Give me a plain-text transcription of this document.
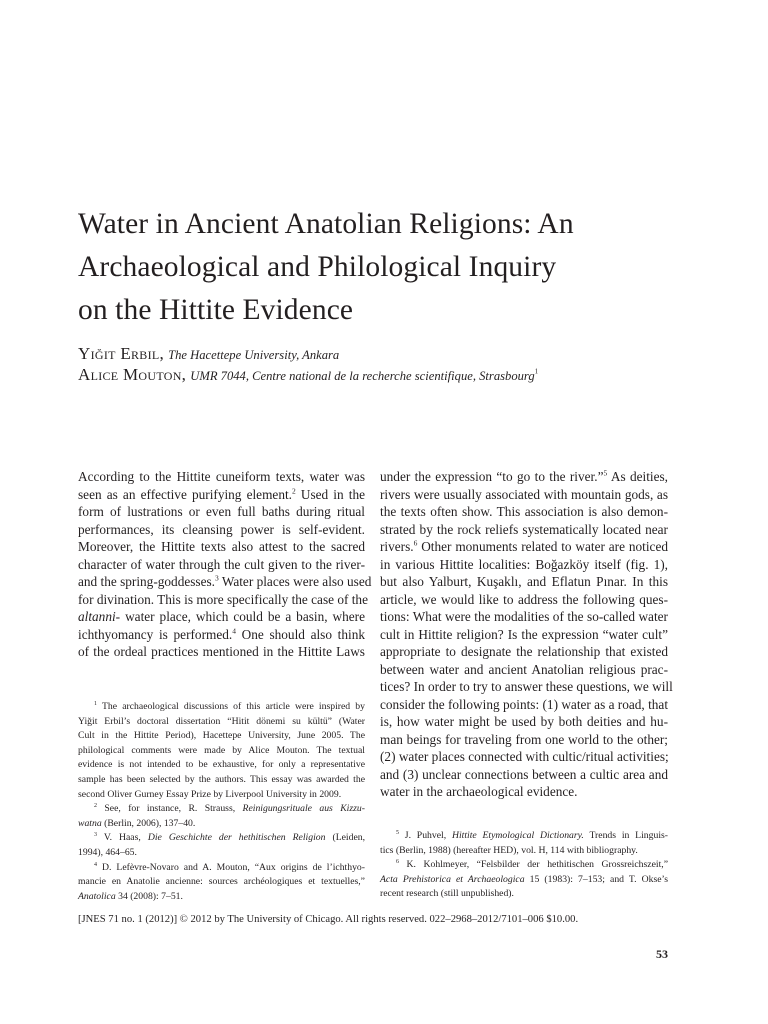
Water in Ancient Anatolian Religions: An
Archaeological and Philological Inquiry
on the Hittite Evidence
Yiğit Erbil, The Hacettepe University, Ankara
Alice Mouton, UMR 7044, Centre national de la recherche scientifique, Strasbourg$^1$
According to the Hittite cuneiform texts, water was
seen as an effective purifying element.$^2$ Used in the
form of lustrations or even full baths during ritual
performances, its cleansing power is self-evident.
Moreover, the Hittite texts also attest to the sacred
character of water through the cult given to the river-
and the spring-goddesses.$^3$ Water places were also used
for divination. This is more specifically the case of the
altanni- water place, which could be a basin, where
ichthyomancy is performed.$^4$ One should also think
of the ordeal practices mentioned in the Hittite Laws
under the expression “to go to the river.”$^5$ As deities,
rivers were usually associated with mountain gods, as
the texts often show. This association is also demon-
strated by the rock reliefs systematically located near
rivers.$^6$ Other monuments related to water are noticed
in various Hittite localities: Boğazköy itself (fig. 1),
but also Yalburt, Kuşaklı, and Eflatun Pınar. In this
article, we would like to address the following ques-
tions: What were the modalities of the so-called water
cult in Hittite religion? Is the expression “water cult”
appropriate to designate the relationship that existed
between water and ancient Anatolian religious prac-
tices? In order to try to answer these questions, we will
consider the following points: (1) water as a road, that
is, how water might be used by both deities and hu-
man beings for traveling from one world to the other;
(2) water places connected with cultic/ritual activities;
and (3) unclear connections between a cultic area and
water in the archaeological evidence.
$^1$ The archaeological discussions of this article were inspired by
Yiğit Erbil’s doctoral dissertation “Hitit dönemi su kültü” (Water
Cult in the Hittite Period), Hacettepe University, June 2005. The
philological comments were made by Alice Mouton. The textual
evidence is not intended to be exhaustive, for only a representative
sample has been selected by the authors. This essay was awarded the
second Oliver Gurney Essay Prize by Liverpool University in 2009.
$^2$ See, for instance, R. Strauss, Reinigungsrituale aus Kizzu-
watna (Berlin, 2006), 137–40.
$^3$ V. Haas, Die Geschichte der hethitischen Religion (Leiden,
1994), 464–65.
$^4$ D. Lefèvre-Novaro and A. Mouton, “Aux origins de l’ichthyo-
mancie en Anatolie ancienne: sources archéologiques et textuelles,”
Anatolica 34 (2008): 7–51.
$^5$ J. Puhvel, Hittite Etymological Dictionary. Trends in Linguis-
tics (Berlin, 1988) (hereafter HED), vol. H, 114 with bibliography.
$^6$ K. Kohlmeyer, “Felsbilder der hethitischen Grossreichszeit,”
Acta Prehistorica et Archaeologica 15 (1983): 7–153; and T. Okse’s
recent research (still unpublished).
[JNES 71 no. 1 (2012)] © 2012 by The University of Chicago. All rights reserved. 022–2968–2012/7101–006 $10.00.
53
